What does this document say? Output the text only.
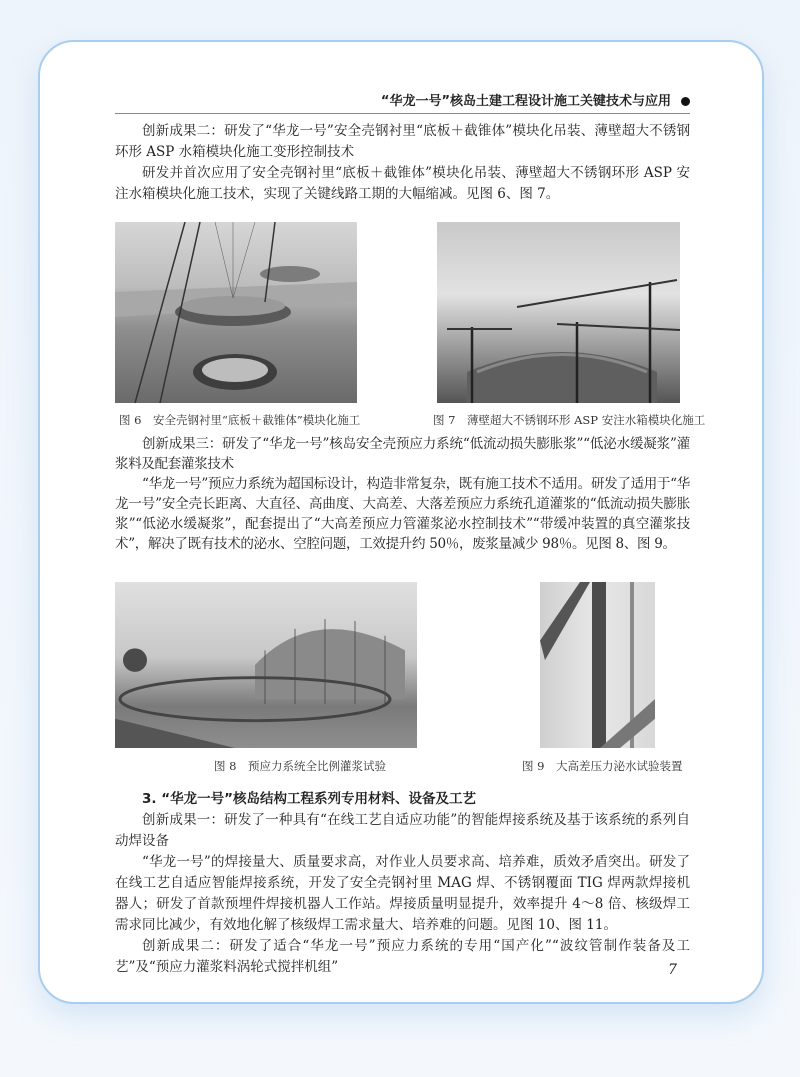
“华龙一号”核岛土建工程设计施工关键技术与应用

创新成果二：研发了“华龙一号”安全壳钢衬里“底板＋截锥体”模块化吊装、薄壁超大不锈钢环形 ASP 水箱模块化施工变形控制技术

研发并首次应用了安全壳钢衬里“底板＋截锥体”模块化吊装、薄壁超大不锈钢环形 ASP 安注水箱模块化施工技术，实现了关键线路工期的大幅缩减。见图 6、图 7。

图 6　安全壳钢衬里“底板＋截锥体”模块化施工	图 7　薄壁超大不锈钢环形 ASP 安注水箱模块化施工

创新成果三：研发了“华龙一号”核岛安全壳预应力系统“低流动损失膨胀浆”“低泌水缓凝浆”灌浆料及配套灌浆技术

“华龙一号”预应力系统为超国标设计，构造非常复杂，既有施工技术不适用。研发了适用于“华龙一号”安全壳长距离、大直径、高曲度、大高差、大落差预应力系统孔道灌浆的“低流动损失膨胀浆”“低泌水缓凝浆”，配套提出了“大高差预应力管灌浆泌水控制技术”“带缓冲装置的真空灌浆技术”，解决了既有技术的泌水、空腔问题，工效提升约 50％，废浆量减少 98％。见图 8、图 9。

图 8　预应力系统全比例灌浆试验	图 9　大高差压力泌水试验装置

3. “华龙一号”核岛结构工程系列专用材料、设备及工艺

创新成果一：研发了一种具有“在线工艺自适应功能”的智能焊接系统及基于该系统的系列自动焊设备

“华龙一号”的焊接量大、质量要求高，对作业人员要求高、培养难，质效矛盾突出。研发了在线工艺自适应智能焊接系统，开发了安全壳钢衬里 MAG 焊、不锈钢覆面 TIG 焊两款焊接机器人；研发了首款预埋件焊接机器人工作站。焊接质量明显提升，效率提升 4～8 倍、核级焊工需求同比减少，有效地化解了核级焊工需求量大、培养难的问题。见图 10、图 11。

创新成果二：研发了适合“华龙一号”预应力系统的专用“国产化”“波纹管制作装备及工艺”及“预应力灌浆料涡轮式搅拌机组”	7
